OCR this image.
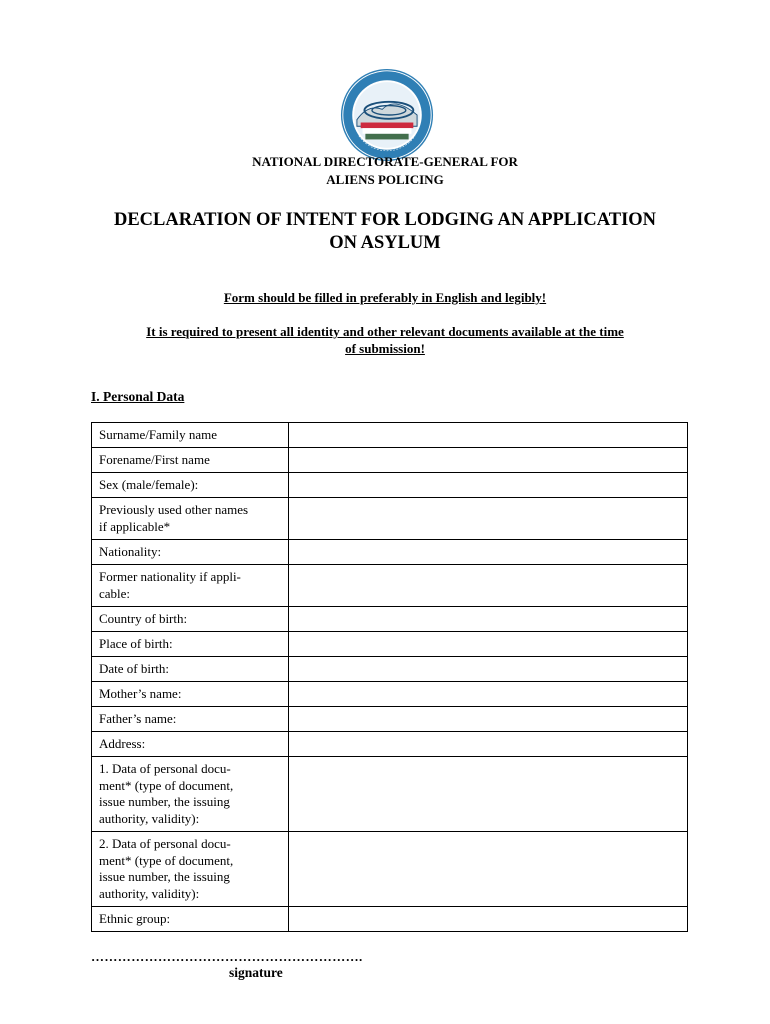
NATIONAL DIRECTORATE-GENERAL FOR
ALIENS POLICING
DECLARATION OF INTENT FOR LODGING AN APPLICATION
ON ASYLUM
Form should be filled in preferably in English and legibly!
It is required to present all identity and other relevant documents available at the time
of submission!
I. Personal Data
Surname/Family name	

Forename/First name	

Sex (male/female):	

Previously used other names
if applicable*	

Nationality:	

Former nationality if appli-
cable:	

Country of birth:	

Place of birth:	

Date of birth:	

Mother’s name:	

Father’s name:	

Address:	

1. Data of personal docu-
ment* (type of document,
issue number, the issuing
authority, validity):	

2. Data of personal docu-
ment* (type of document,
issue number, the issuing
authority, validity):	

Ethnic group:	

…………………………………………………….
signature
